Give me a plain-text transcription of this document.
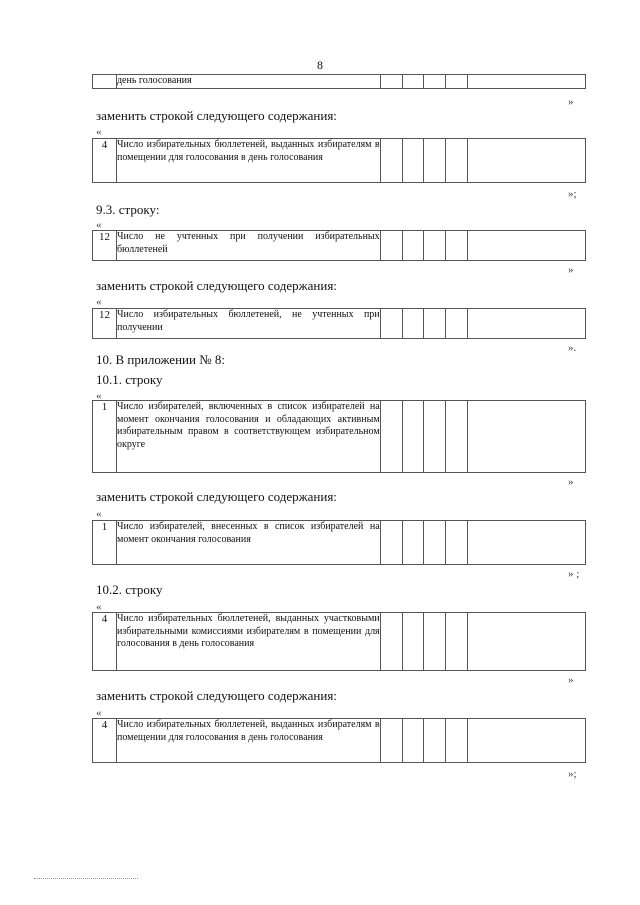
8
	день голосования					
»
заменить строкой следующего содержания:
«
4	Число избирательных бюллетеней, выданных избирателям в помещении для голосования в день голосования					
»;
9.3. строку:
«
12	Число не учтенных при получении избирательных бюллетеней					
»
заменить строкой следующего содержания:
«
12	Число избирательных бюллетеней, не учтенных при получении					
».
10. В приложении № 8:
10.1. строку
«
1	Число избирателей, включенных в список избирателей на момент окончания голосования и обладающих активным избирательным правом в соответствующем избирательном округе					
»
заменить строкой следующего содержания:
«
1	Число избирателей, внесенных в список избирателей на момент окончания голосования					
» ;
10.2. строку
«
4	Число избирательных бюллетеней, выданных участковыми избирательными комиссиями избирателям в помещении для голосования в день голосования					
»
заменить строкой следующего содержания:
«
4	Число избирательных бюллетеней, выданных избирателям в помещении для голосования в день голосования					
»;
